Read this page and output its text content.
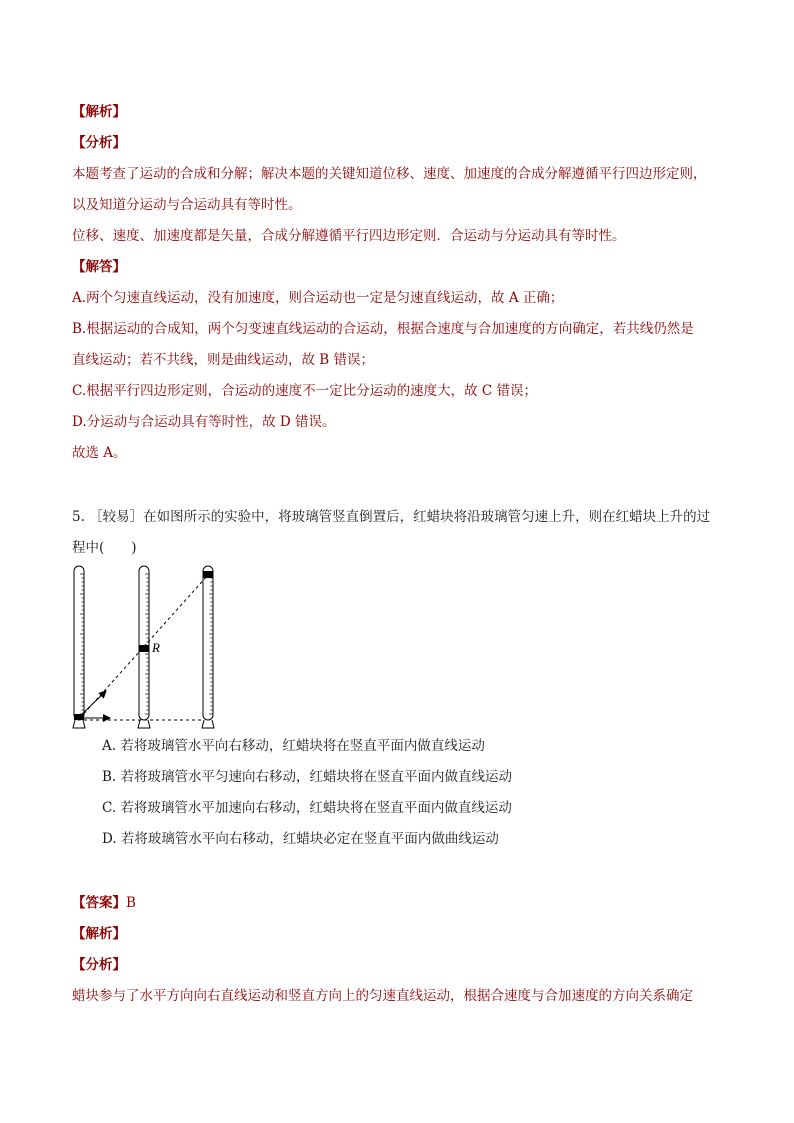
【解析】
【分析】
本题考查了运动的合成和分解；解决本题的关键知道位移、速度、加速度的合成分解遵循平行四边形定则，
以及知道分运动与合运动具有等时性。
位移、速度、加速度都是矢量，合成分解遵循平行四边形定则．合运动与分运动具有等时性。
【解答】
A.两个匀速直线运动，没有加速度，则合运动也一定是匀速直线运动，故 A 正确；
B.根据运动的合成知，两个匀变速直线运动的合运动，根据合速度与合加速度的方向确定，若共线仍然是
直线运动；若不共线，则是曲线运动，故 B 错误；
C.根据平行四边形定则，合运动的速度不一定比分运动的速度大，故 C 错误；
D.分运动与合运动具有等时性，故 D 错误。
故选 A。
5. ［较易］在如图所示的实验中，将玻璃管竖直倒置后，红蜡块将沿玻璃管匀速上升，则在红蜡块上升的过
程中(　　)
R
A. 若将玻璃管水平向右移动，红蜡块将在竖直平面内做直线运动
B. 若将玻璃管水平匀速向右移动，红蜡块将在竖直平面内做直线运动
C. 若将玻璃管水平加速向右移动，红蜡块将在竖直平面内做直线运动
D. 若将玻璃管水平向右移动，红蜡块必定在竖直平面内做曲线运动
【答案】B
【解析】
【分析】
蜡块参与了水平方向向右直线运动和竖直方向上的匀速直线运动，根据合速度与合加速度的方向关系确定
